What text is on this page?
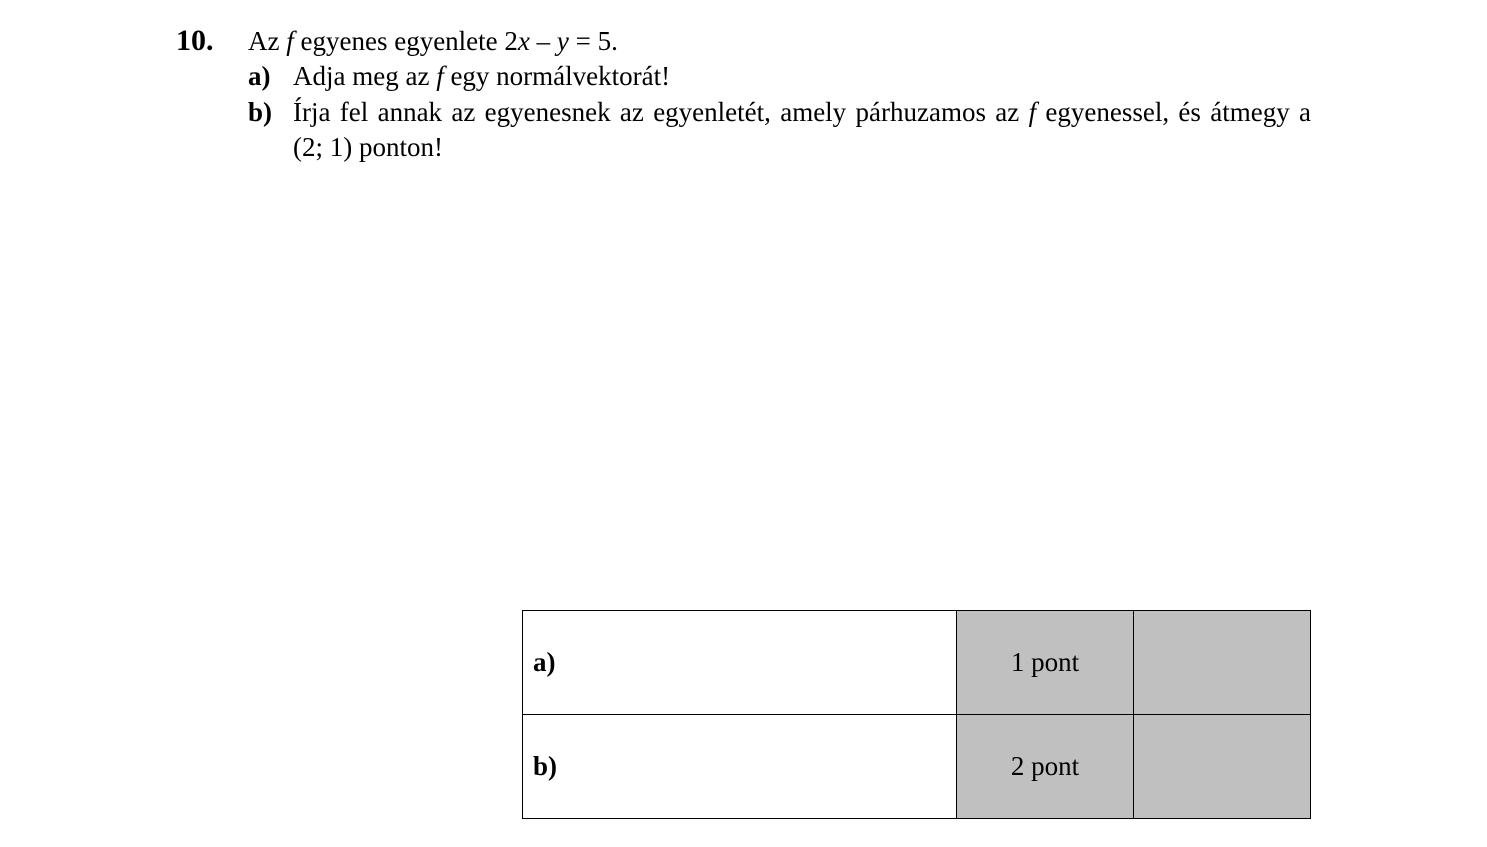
10. Az f egyenes egyenlete 2x – y = 5.
a) Adja meg az f egy normálvektorát!
b) Írja fel annak az egyenesnek az egyenletét, amely párhuzamos az f egyenessel, és átmegy a (2; 1) ponton!
a)	1 pont	
b)	2 pont	
